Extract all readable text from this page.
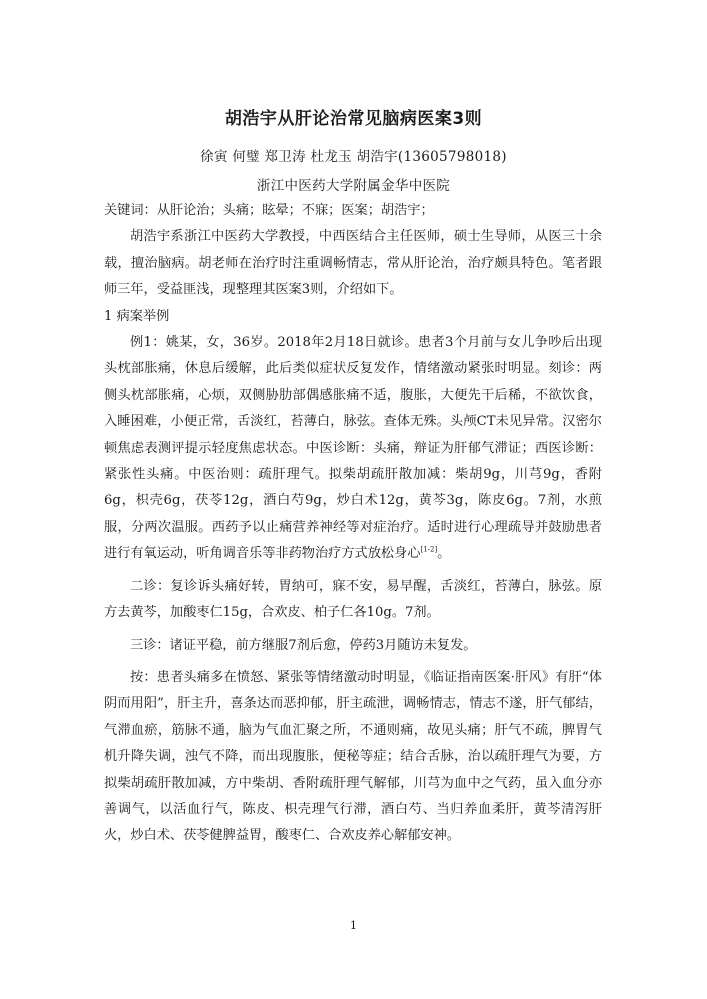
胡浩宇从肝论治常见脑病医案3则
徐寅 何璧 郑卫涛 杜龙玉 胡浩宇(13605798018)
浙江中医药大学附属金华中医院

关键词：从肝论治；头痛；眩晕；不寐；医案；胡浩宇；

胡浩宇系浙江中医药大学教授，中西医结合主任医师，硕士生导师，从医三十余载，擅治脑病。胡老师在治疗时注重调畅情志，常从肝论治，治疗颇具特色。笔者跟师三年，受益匪浅，现整理其医案3则，介绍如下。

1 病案举例

例1：姚某，女，36岁。2018年2月18日就诊。患者3个月前与女儿争吵后出现头枕部胀痛，休息后缓解，此后类似症状反复发作，情绪激动紧张时明显。刻诊：两侧头枕部胀痛，心烦，双侧胁肋部偶感胀痛不适，腹胀，大便先干后稀，不欲饮食，入睡困难，小便正常，舌淡红，苔薄白，脉弦。查体无殊。头颅CT未见异常。汉密尔顿焦虑表测评提示轻度焦虑状态。中医诊断：头痛，辩证为肝郁气滞证；西医诊断：紧张性头痛。中医治则：疏肝理气。拟柴胡疏肝散加减：柴胡9g，川芎9g，香附6g，枳壳6g，茯苓12g，酒白芍9g，炒白术12g，黄芩3g，陈皮6g。7剂，水煎服，分两次温服。西药予以止痛营养神经等对症治疗。适时进行心理疏导并鼓励患者进行有氧运动，听角调音乐等非药物治疗方式放松身心[1-2]。

二诊：复诊诉头痛好转，胃纳可，寐不安，易早醒，舌淡红，苔薄白，脉弦。原方去黄芩，加酸枣仁15g，合欢皮、柏子仁各10g。7剂。

三诊：诸证平稳，前方继服7剂后愈，停药3月随访未复发。

按：患者头痛多在愤怒、紧张等情绪激动时明显，《临证指南医案·肝风》有肝“体阴而用阳”，肝主升，喜条达而恶抑郁，肝主疏泄，调畅情志，情志不遂，肝气郁结，气滞血瘀，筋脉不通，脑为气血汇聚之所，不通则痛，故见头痛；肝气不疏，脾胃气机升降失调，浊气不降，而出现腹胀，便秘等症；结合舌脉，治以疏肝理气为要，方拟柴胡疏肝散加减，方中柴胡、香附疏肝理气解郁，川芎为血中之气药，虽入血分亦善调气，以活血行气，陈皮、枳壳理气行滞，酒白芍、当归养血柔肝，黄芩清泻肝火，炒白术、茯苓健脾益胃，酸枣仁、合欢皮养心解郁安神。

1
